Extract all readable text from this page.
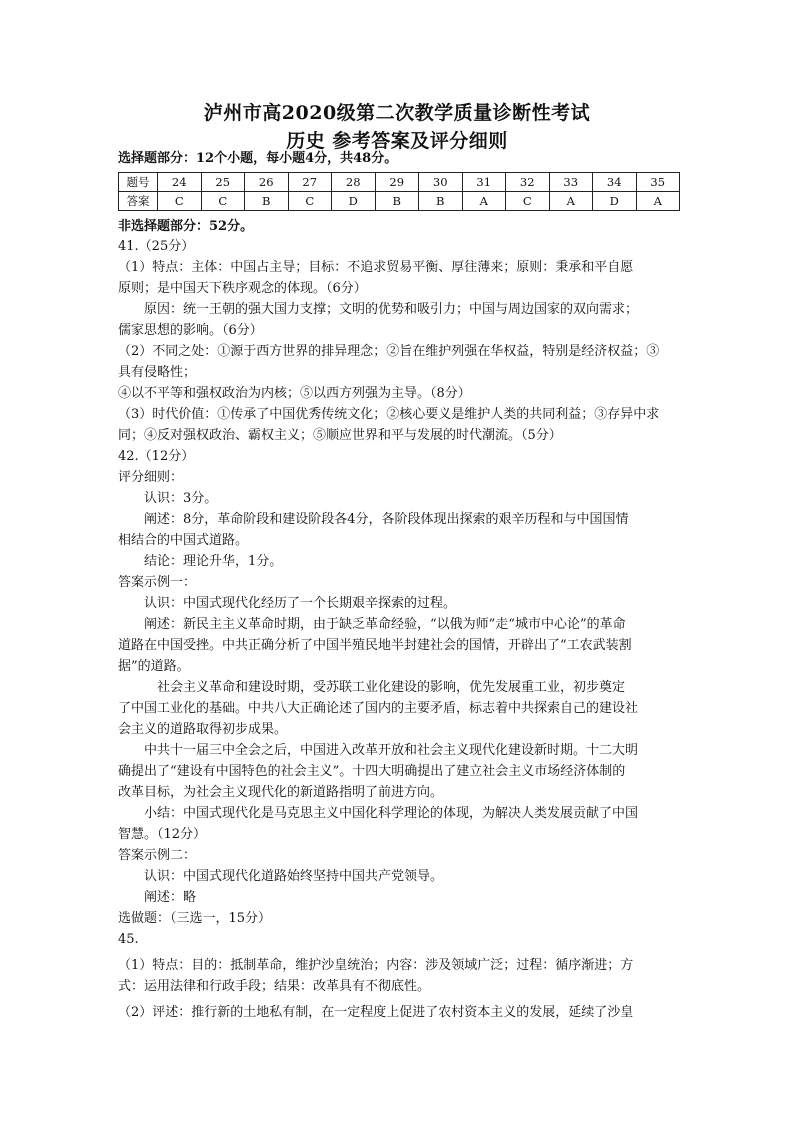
泸州市高2020级第二次教学质量诊断性考试
历史 参考答案及评分细则
选择题部分：12个小题，每小题4分，共48分。
题号	24	25	26	27	28	29	30	31	32	33	34	35
答案	C	C	B	C	D	B	B	A	C	A	D	A
非选择题部分：52分。
41.（25分）
（1）特点：主体：中国占主导；目标：不追求贸易平衡、厚往薄来；原则：秉承和平自愿
原则；是中国天下秩序观念的体现。（6分）
　　原因：统一王朝的强大国力支撑；文明的优势和吸引力；中国与周边国家的双向需求；
儒家思想的影响。（6分）
（2）不同之处：①源于西方世界的排异理念；②旨在维护列强在华权益，特别是经济权益；③
具有侵略性；
④以不平等和强权政治为内核；⑤以西方列强为主导。（8分）
（3）时代价值：①传承了中国优秀传统文化；②核心要义是维护人类的共同利益；③存异中求
同；④反对强权政治、霸权主义；⑤顺应世界和平与发展的时代潮流。（5分）
42.（12分）
评分细则：
　　认识：3分。
　　阐述：8分，革命阶段和建设阶段各4分，各阶段体现出探索的艰辛历程和与中国国情
相结合的中国式道路。
　　结论：理论升华，1分。
答案示例一：
　　认识：中国式现代化经历了一个长期艰辛探索的过程。
　　阐述：新民主主义革命时期，由于缺乏革命经验，“以俄为师”走“城市中心论”的革命
道路在中国受挫。中共正确分析了中国半殖民地半封建社会的国情，开辟出了“工农武装割
据”的道路。
　　　社会主义革命和建设时期，受苏联工业化建设的影响，优先发展重工业，初步奠定
了中国工业化的基础。中共八大正确论述了国内的主要矛盾，标志着中共探索自己的建设社
会主义的道路取得初步成果。
　　中共十一届三中全会之后，中国进入改革开放和社会主义现代化建设新时期。十二大明
确提出了“建设有中国特色的社会主义”。十四大明确提出了建立社会主义市场经济体制的
改革目标，为社会主义现代化的新道路指明了前进方向。
　　小结：中国式现代化是马克思主义中国化科学理论的体现，为解决人类发展贡献了中国
智慧。（12分）
答案示例二：
　　认识：中国式现代化道路始终坚持中国共产党领导。
　　阐述：略
选做题：（三选一，15分）
45.
（1）特点：目的：抵制革命，维护沙皇统治；内容：涉及领域广泛；过程：循序渐进；方
式：运用法律和行政手段；结果：改革具有不彻底性。
（2）评述：推行新的土地私有制，在一定程度上促进了农村资本主义的发展，延续了沙皇
